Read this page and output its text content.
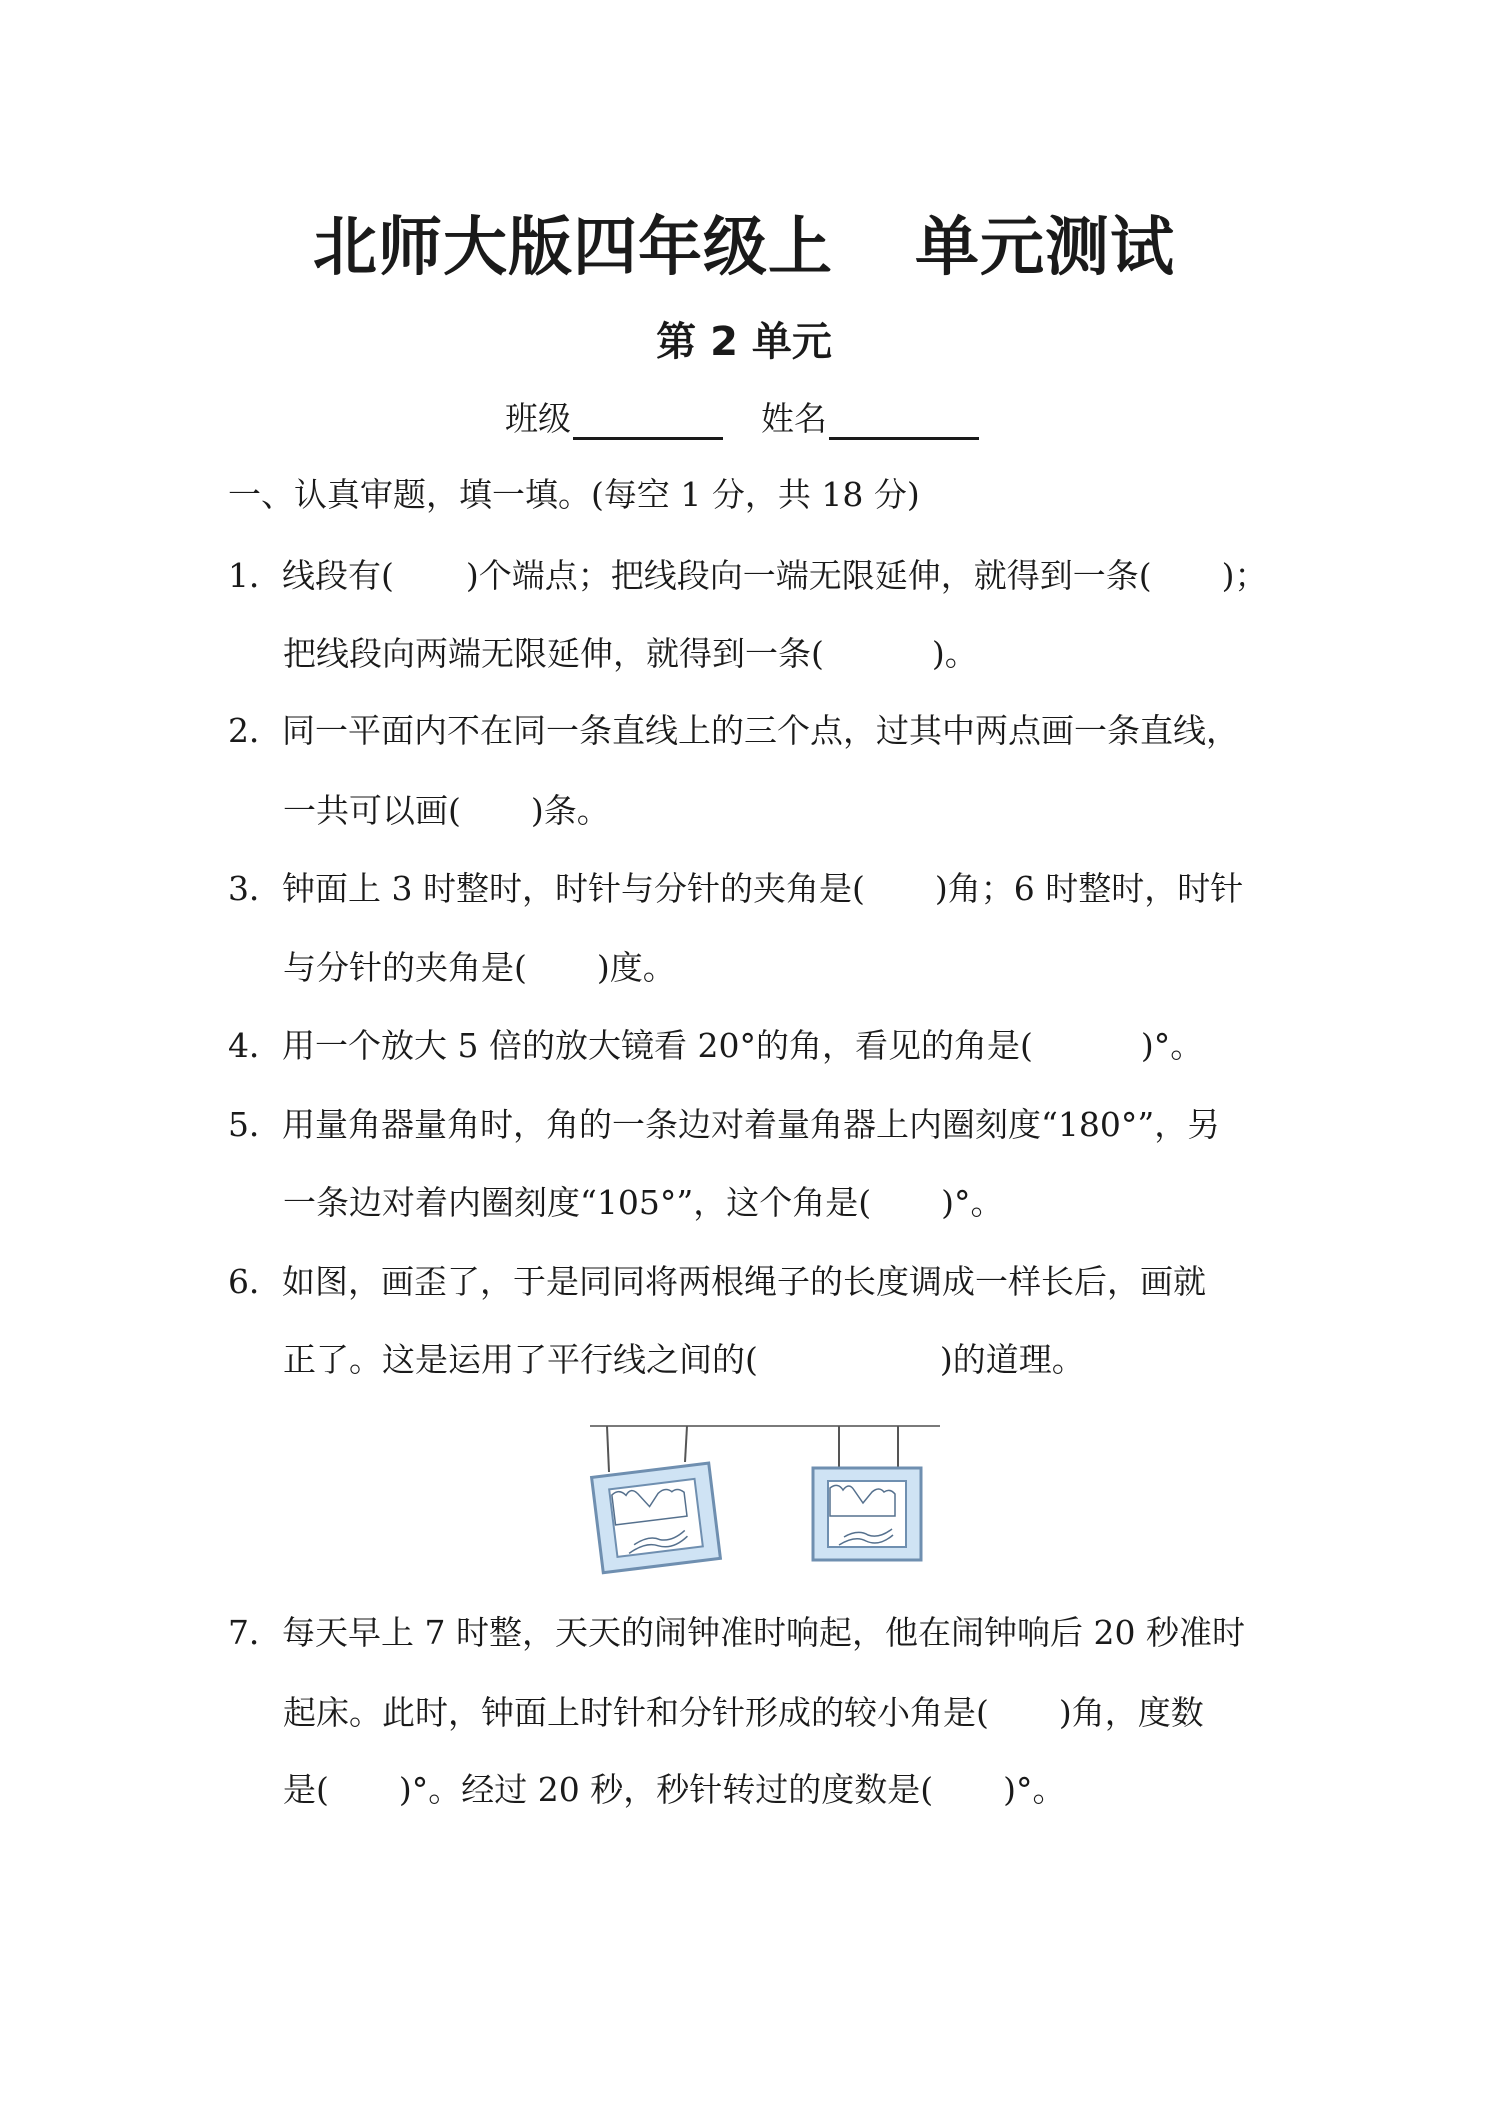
北师大版四年级上 单元测试
第 2 单元
班级	姓名
一、认真审题，填一填。(每空 1 分，共 18 分)
1．线段有( )个端点；把线段向一端无限延伸，就得到一条( )；
把线段向两端无限延伸，就得到一条(	)。
2．同一平面内不在同一条直线上的三个点，过其中两点画一条直线，
一共可以画( )条。
3．钟面上 3 时整时，时针与分针的夹角是( )角；6 时整时，时针
与分针的夹角是( )度。
4．用一个放大 5 倍的放大镜看 20°的角，看见的角是(	)°。
5．用量角器量角时，角的一条边对着量角器上内圈刻度“180°”，另
一条边对着内圈刻度“105°”，这个角是( )°。
6．如图，画歪了，于是同同将两根绳子的长度调成一样长后，画就
正了。这是运用了平行线之间的(	)的道理。
7．每天早上 7 时整，天天的闹钟准时响起，他在闹钟响后 20 秒准时
起床。此时，钟面上时针和分针形成的较小角是( )角，度数
是( )°。经过 20 秒，秒针转过的度数是( )°。
